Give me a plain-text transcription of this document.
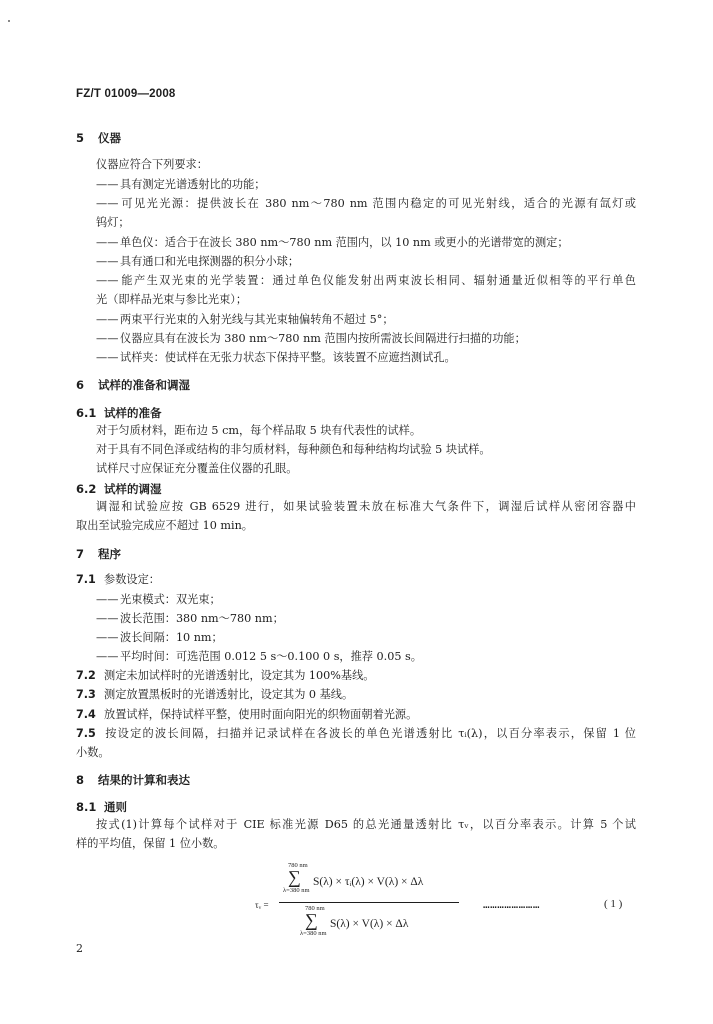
FZ/T 01009—2008
5 仪器
仪器应符合下列要求：
—— 具有测定光谱透射比的功能；
—— 可见光光源：提供波长在 380 nm～780 nm 范围内稳定的可见光射线，适合的光源有氙灯或
钨灯；
—— 单色仪：适合于在波长 380 nm～780 nm 范围内，以 10 nm 或更小的光谱带宽的测定；
—— 具有通口和光电探测器的积分小球；
—— 能产生双光束的光学装置：通过单色仪能发射出两束波长相同、辐射通量近似相等的平行单色
光（即样品光束与参比光束）；
—— 两束平行光束的入射光线与其光束轴偏转角不超过 5°；
—— 仪器应具有在波长为 380 nm～780 nm 范围内按所需波长间隔进行扫描的功能；
—— 试样夹：使试样在无张力状态下保持平整。该装置不应遮挡测试孔。
6 试样的准备和调湿
6.1 试样的准备
对于匀质材料，距布边 5 cm，每个样品取 5 块有代表性的试样。
对于具有不同色泽或结构的非匀质材料，每种颜色和每种结构均试验 5 块试样。
试样尺寸应保证充分覆盖住仪器的孔眼。
6.2 试样的调湿
调湿和试验应按 GB 6529 进行，如果试验装置未放在标准大气条件下，调湿后试样从密闭容器中
取出至试验完成应不超过 10 min。
7 程序
7.1 参数设定：
—— 光束模式：双光束；
—— 波长范围：380 nm～780 nm；
—— 波长间隔：10 nm；
—— 平均时间：可选范围 0.012 5 s～0.100 0 s，推荐 0.05 s。
7.2 测定未加试样时的光谱透射比，设定其为 100%基线。
7.3 测定放置黑板时的光谱透射比，设定其为 0 基线。
7.4 放置试样，保持试样平整，使用时面向阳光的织物面朝着光源。
7.5 按设定的波长间隔，扫描并记录试样在各波长的单色光谱透射比 τᵢ(λ)，以百分率表示，保留 1 位
小数。
8 结果的计算和表达
8.1 通则
按式(1)计算每个试样对于 CIE 标准光源 D65 的总光通量透射比 τᵥ，以百分率表示。计算 5 个试
样的平均值，保留 1 位小数。
τᵥ =
780 nm
∑
λ=380 nm
S(λ) × τᵢ(λ) × V(λ) × Δλ
780 nm
∑
λ=380 nm
S(λ) × V(λ) × Δλ
……………………	( 1 )
2
